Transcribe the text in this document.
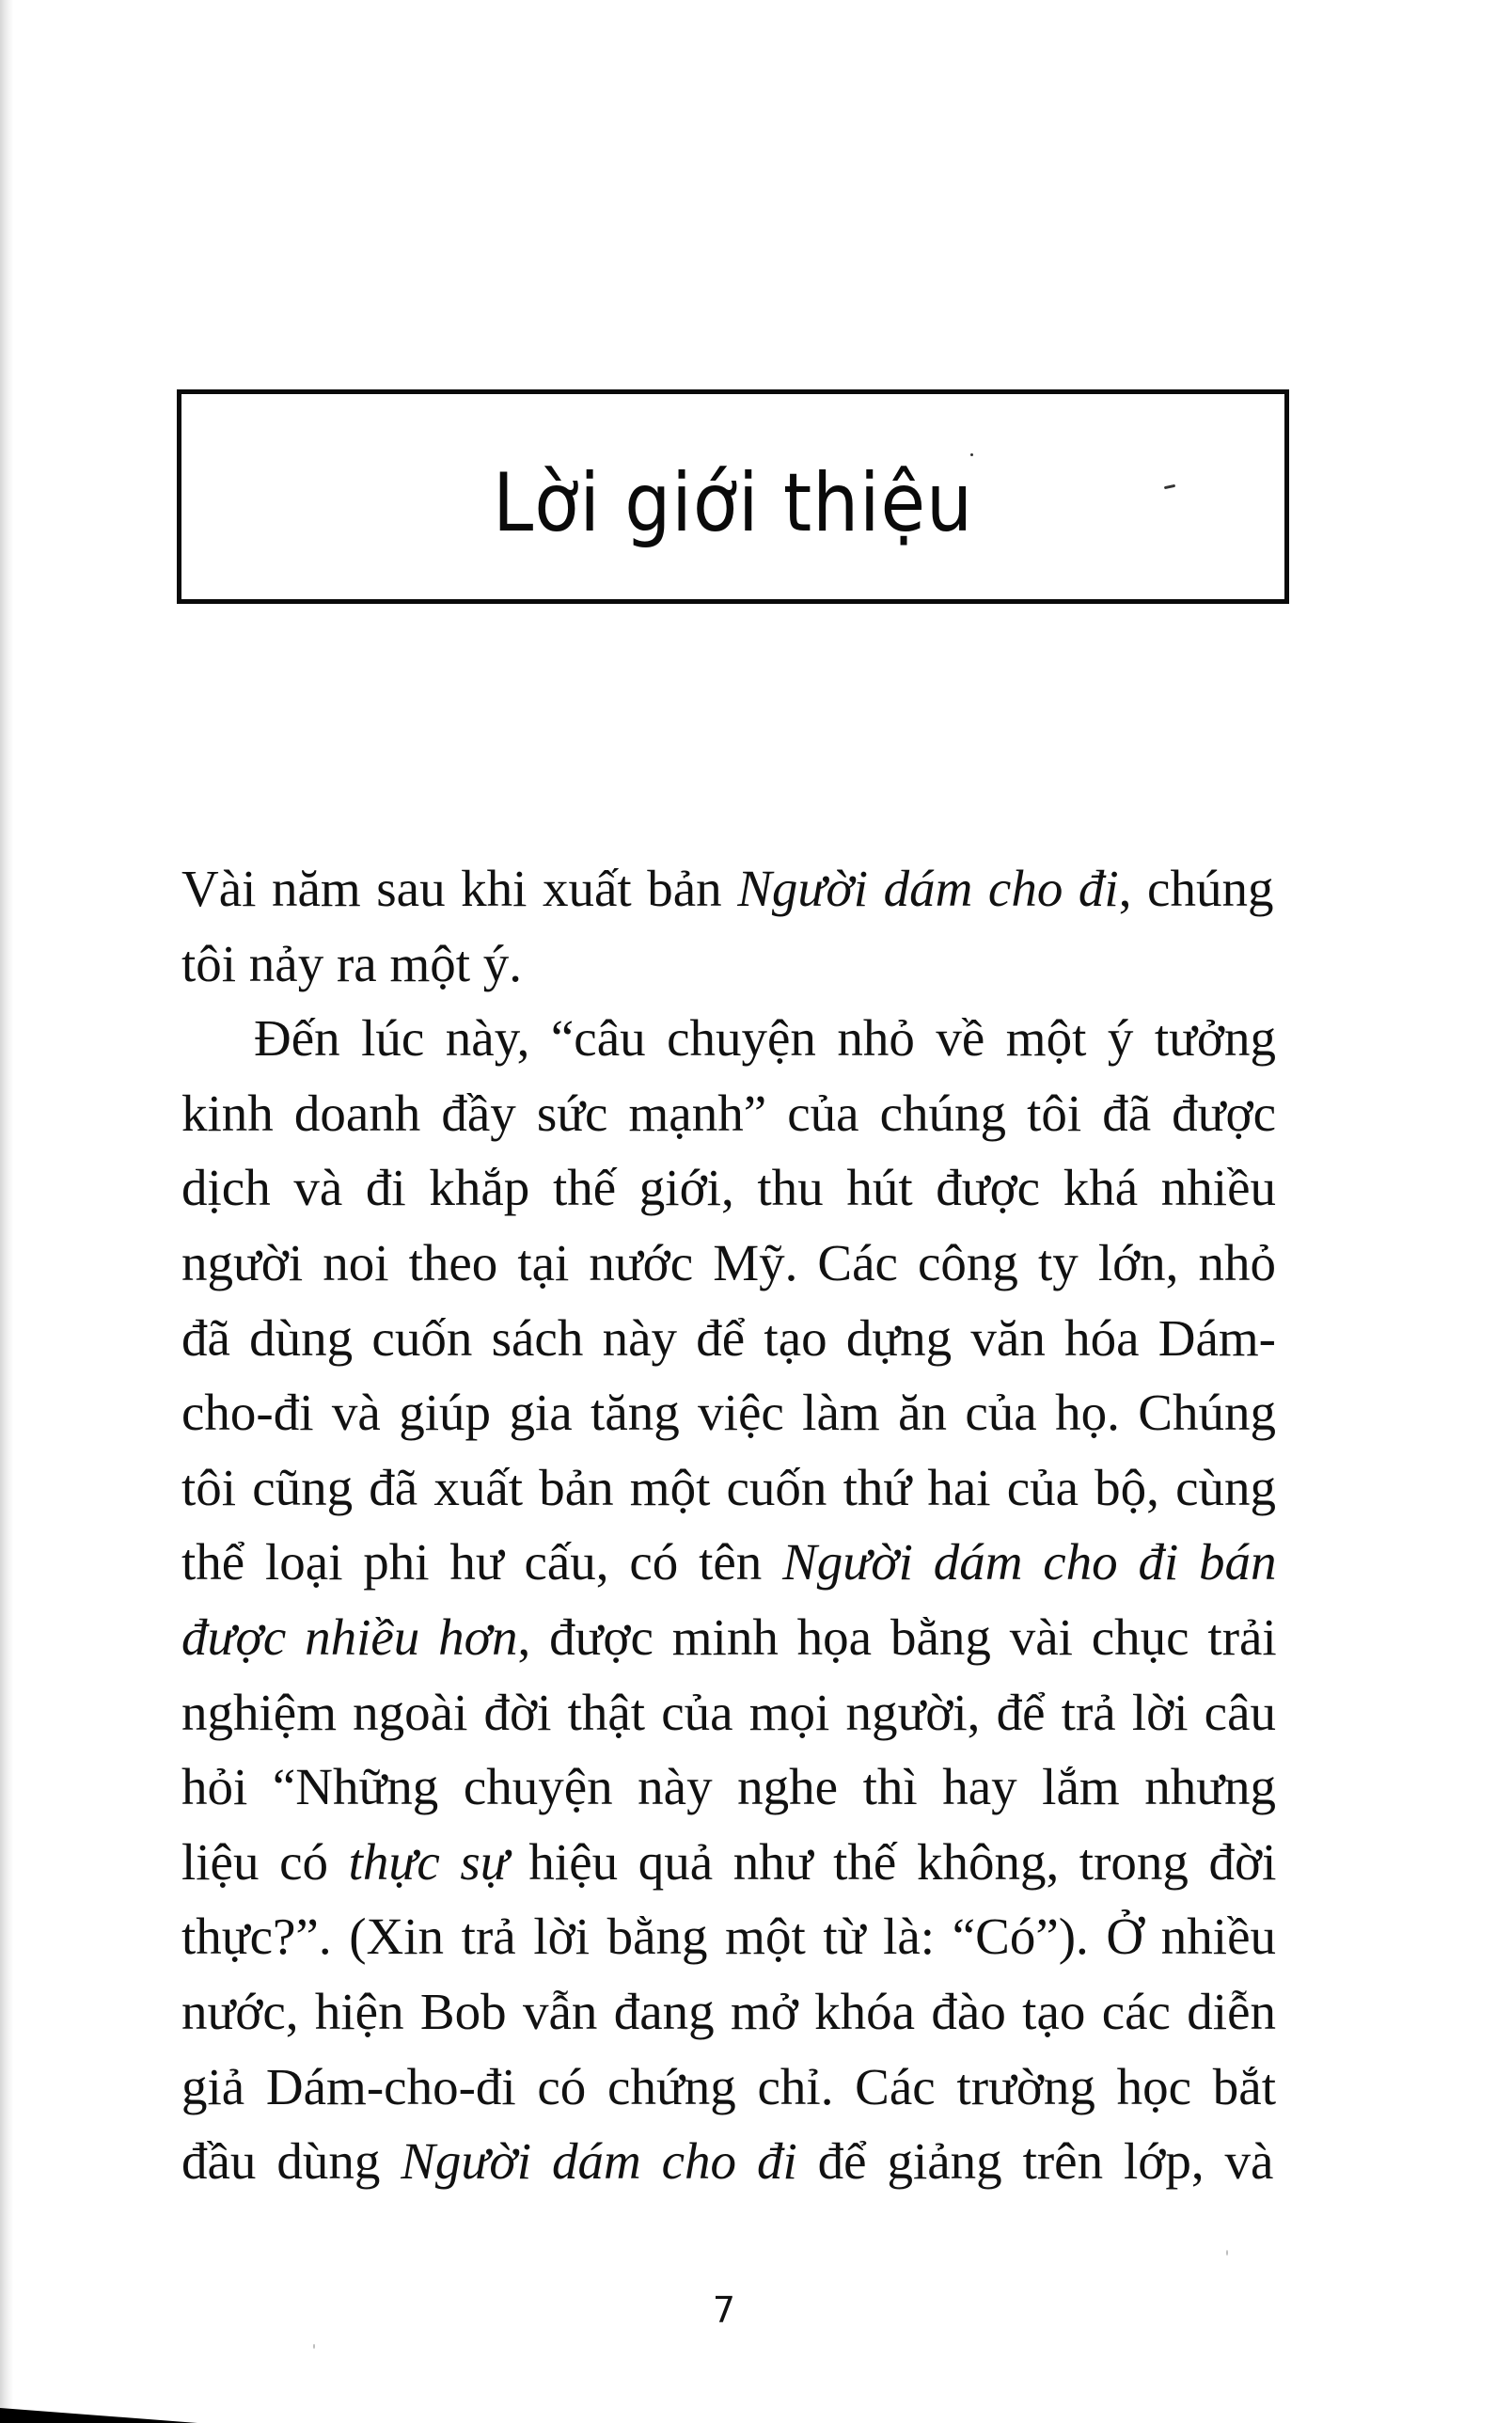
Lời giới thiệu
Vài năm sau khi xuất bản Người dám cho đi, chúng
tôi nảy ra một ý.
Đến lúc này, “câu chuyện nhỏ về một ý tưởng
kinh doanh đầy sức mạnh” của chúng tôi đã được
dịch và đi khắp thế giới, thu hút được khá nhiều
người noi theo tại nước Mỹ. Các công ty lớn, nhỏ
đã dùng cuốn sách này để tạo dựng văn hóa Dám-
cho-đi và giúp gia tăng việc làm ăn của họ. Chúng
tôi cũng đã xuất bản một cuốn thứ hai của bộ, cùng
thể loại phi hư cấu, có tên Người dám cho đi bán
được nhiều hơn, được minh họa bằng vài chục trải
nghiệm ngoài đời thật của mọi người, để trả lời câu
hỏi “Những chuyện này nghe thì hay lắm nhưng
liệu có thực sự hiệu quả như thế không, trong đời
thực?”. (Xin trả lời bằng một từ là: “Có”). Ở nhiều
nước, hiện Bob vẫn đang mở khóa đào tạo các diễn
giả Dám-cho-đi có chứng chỉ. Các trường học bắt
đầu dùng Người dám cho đi để giảng trên lớp, và
7
